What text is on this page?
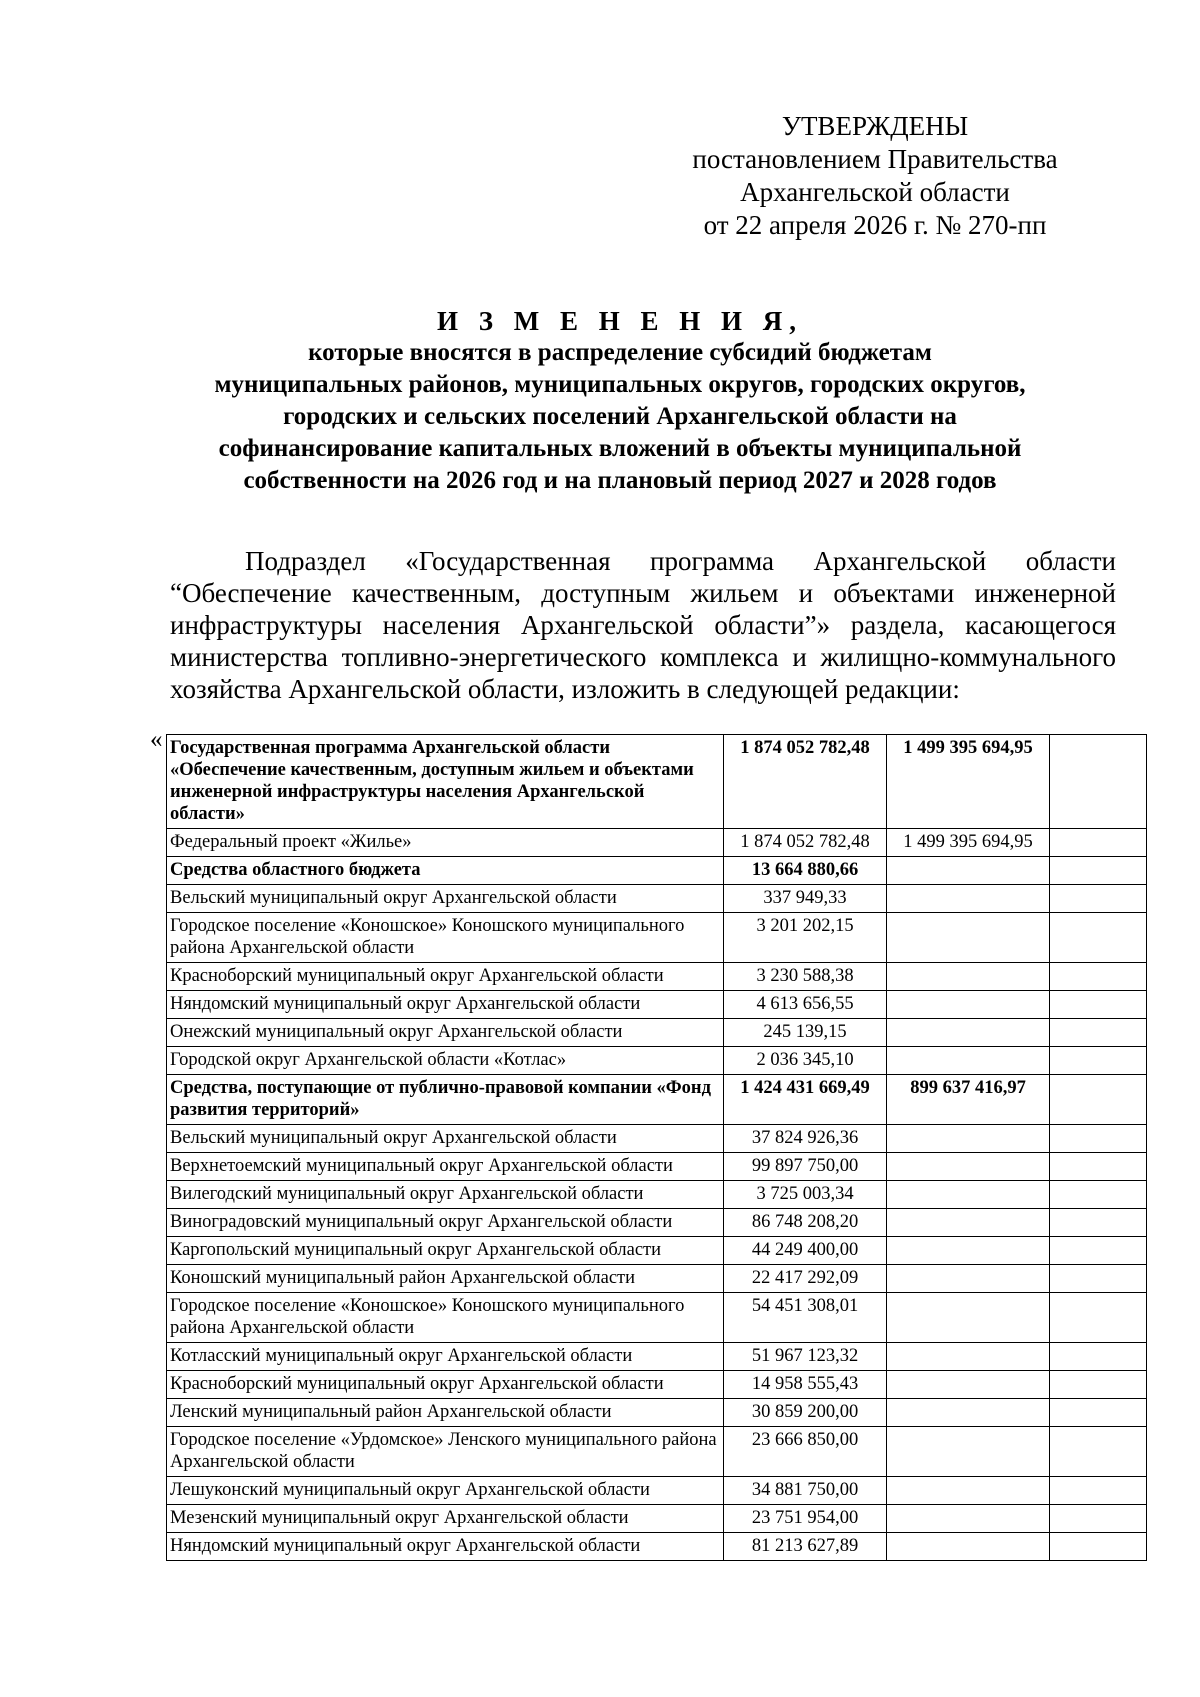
УТВЕРЖДЕНЫ
постановлением Правительства
Архангельской области
от 22 апреля 2026 г. № 270-пп
И З М Е Н Е Н И Я,
которые вносятся в распределение субсидий бюджетам
муниципальных районов, муниципальных округов, городских округов,
городских и сельских поселений Архангельской области на
софинансирование капитальных вложений в объекты муниципальной
собственности на 2026 год и на плановый период 2027 и 2028 годов

Подраздел «Государственная программа Архангельской области “Обеспечение качественным, доступным жильем и объектами инженерной инфраструктуры населения Архангельской области”» раздела, касающегося министерства топливно-энергетического комплекса и жилищно-коммунального хозяйства Архангельской области, изложить в следующей редакции:

« Государственная программа Архангельской области «Обеспечение качественным, доступным жильем и объектами инженерной инфраструктуры населения Архангельской области»	1 874 052 782,48	1 499 395 694,95	
Федеральный проект «Жилье»	1 874 052 782,48	1 499 395 694,95	
Средства областного бюджета	13 664 880,66		
Вельский муниципальный округ Архангельской области	337 949,33		
Городское поселение «Коношское» Коношского муниципального района Архангельской области	3 201 202,15		
Красноборский муниципальный округ Архангельской области	3 230 588,38		
Няндомский муниципальный округ Архангельской области	4 613 656,55		
Онежский муниципальный округ Архангельской области	245 139,15		
Городской округ Архангельской области «Котлас»	2 036 345,10		
Средства, поступающие от публично-правовой компании «Фонд развития территорий»	1 424 431 669,49	899 637 416,97	
Вельский муниципальный округ Архангельской области	37 824 926,36		
Верхнетоемский муниципальный округ Архангельской области	99 897 750,00		
Вилегодский муниципальный округ Архангельской области	3 725 003,34		
Виноградовский муниципальный округ Архангельской области	86 748 208,20		
Каргопольский муниципальный округ Архангельской области	44 249 400,00		
Коношский муниципальный район Архангельской области	22 417 292,09		
Городское поселение «Коношское» Коношского муниципального района Архангельской области	54 451 308,01		
Котласский муниципальный округ Архангельской области	51 967 123,32		
Красноборский муниципальный округ Архангельской области	14 958 555,43		
Ленский муниципальный район Архангельской области	30 859 200,00		
Городское поселение «Урдомское» Ленского муниципального района Архангельской области	23 666 850,00		
Лешуконский муниципальный округ Архангельской области	34 881 750,00		
Мезенский муниципальный округ Архангельской области	23 751 954,00		
Няндомский муниципальный округ Архангельской области	81 213 627,89		
